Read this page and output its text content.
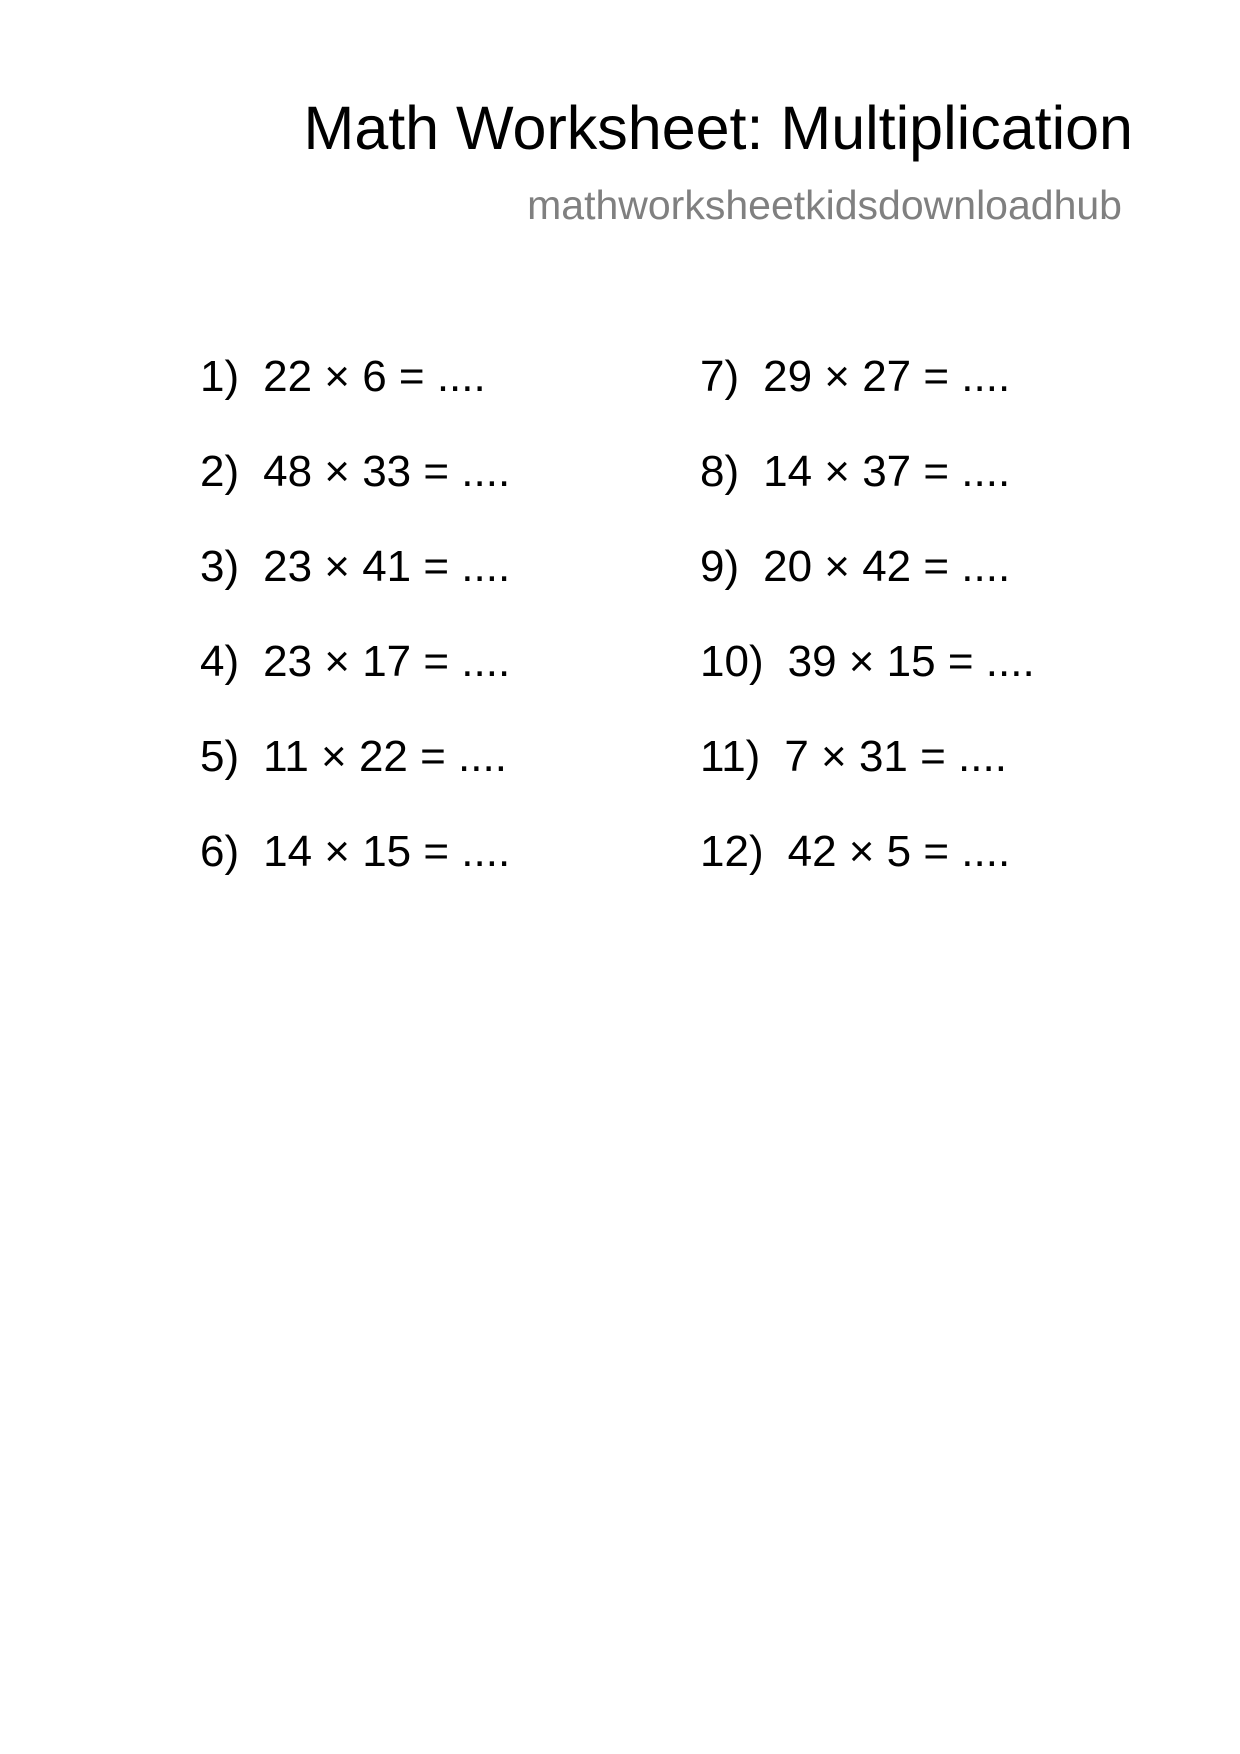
Math Worksheet: Multiplication
mathworksheetkidsdownloadhub
1) 22 × 6 = ....
2) 48 × 33 = ....
3) 23 × 41 = ....
4) 23 × 17 = ....
5) 11 × 22 = ....
6) 14 × 15 = ....
7) 29 × 27 = ....
8) 14 × 37 = ....
9) 20 × 42 = ....
10) 39 × 15 = ....
11) 7 × 31 = ....
12) 42 × 5 = ....
